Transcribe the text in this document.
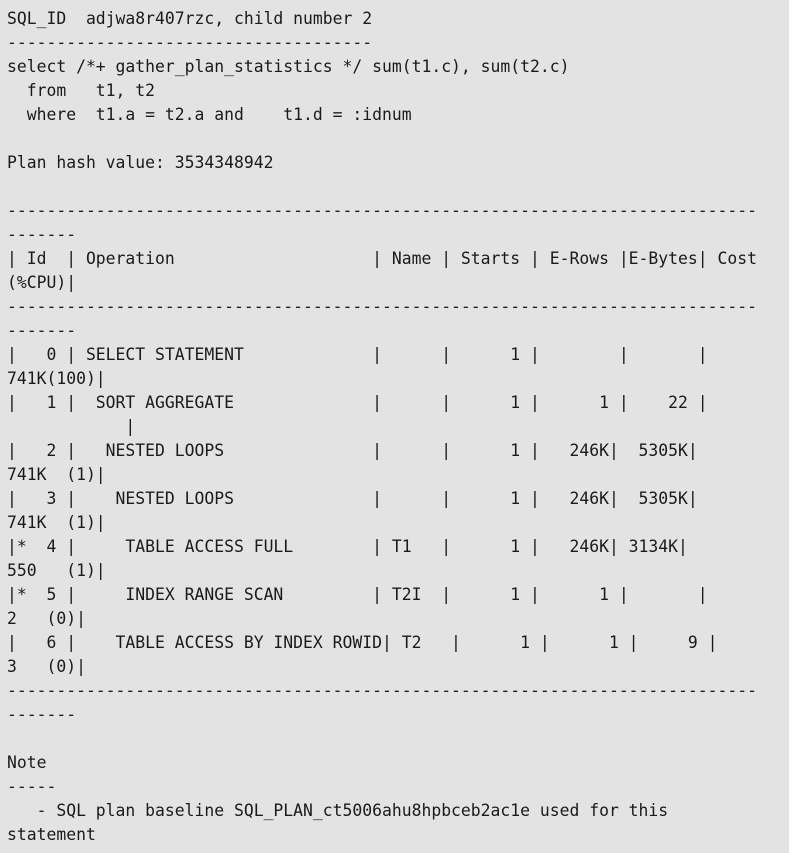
SQL_ID  adjwa8r407rzc, child number 2
-------------------------------------
select /*+ gather_plan_statistics */ sum(t1.c), sum(t2.c)
from   t1, t2
where  t1.a = t2.a and    t1.d = :idnum
Plan hash value: 3534348942
----------------------------------------------------------------------------
-------
| Id  | Operation                    | Name | Starts | E-Rows |E-Bytes| Cost
(%CPU)|
----------------------------------------------------------------------------
-------
|   0 | SELECT STATEMENT             |      |      1 |        |       |
741K(100)|
|   1 |  SORT AGGREGATE              |      |      1 |      1 |    22 |
|
|   2 |   NESTED LOOPS               |      |      1 |   246K|  5305K|
741K  (1)|
|   3 |    NESTED LOOPS              |      |      1 |   246K|  5305K|
741K  (1)|
|*  4 |     TABLE ACCESS FULL        | T1   |      1 |   246K| 3134K|
550   (1)|
|*  5 |     INDEX RANGE SCAN         | T2I  |      1 |      1 |       |
2   (0)|
|   6 |    TABLE ACCESS BY INDEX ROWID| T2   |      1 |      1 |     9 |
3   (0)|
----------------------------------------------------------------------------
-------
Note
-----
- SQL plan baseline SQL_PLAN_ct5006ahu8hpbceb2ac1e used for this
statement
